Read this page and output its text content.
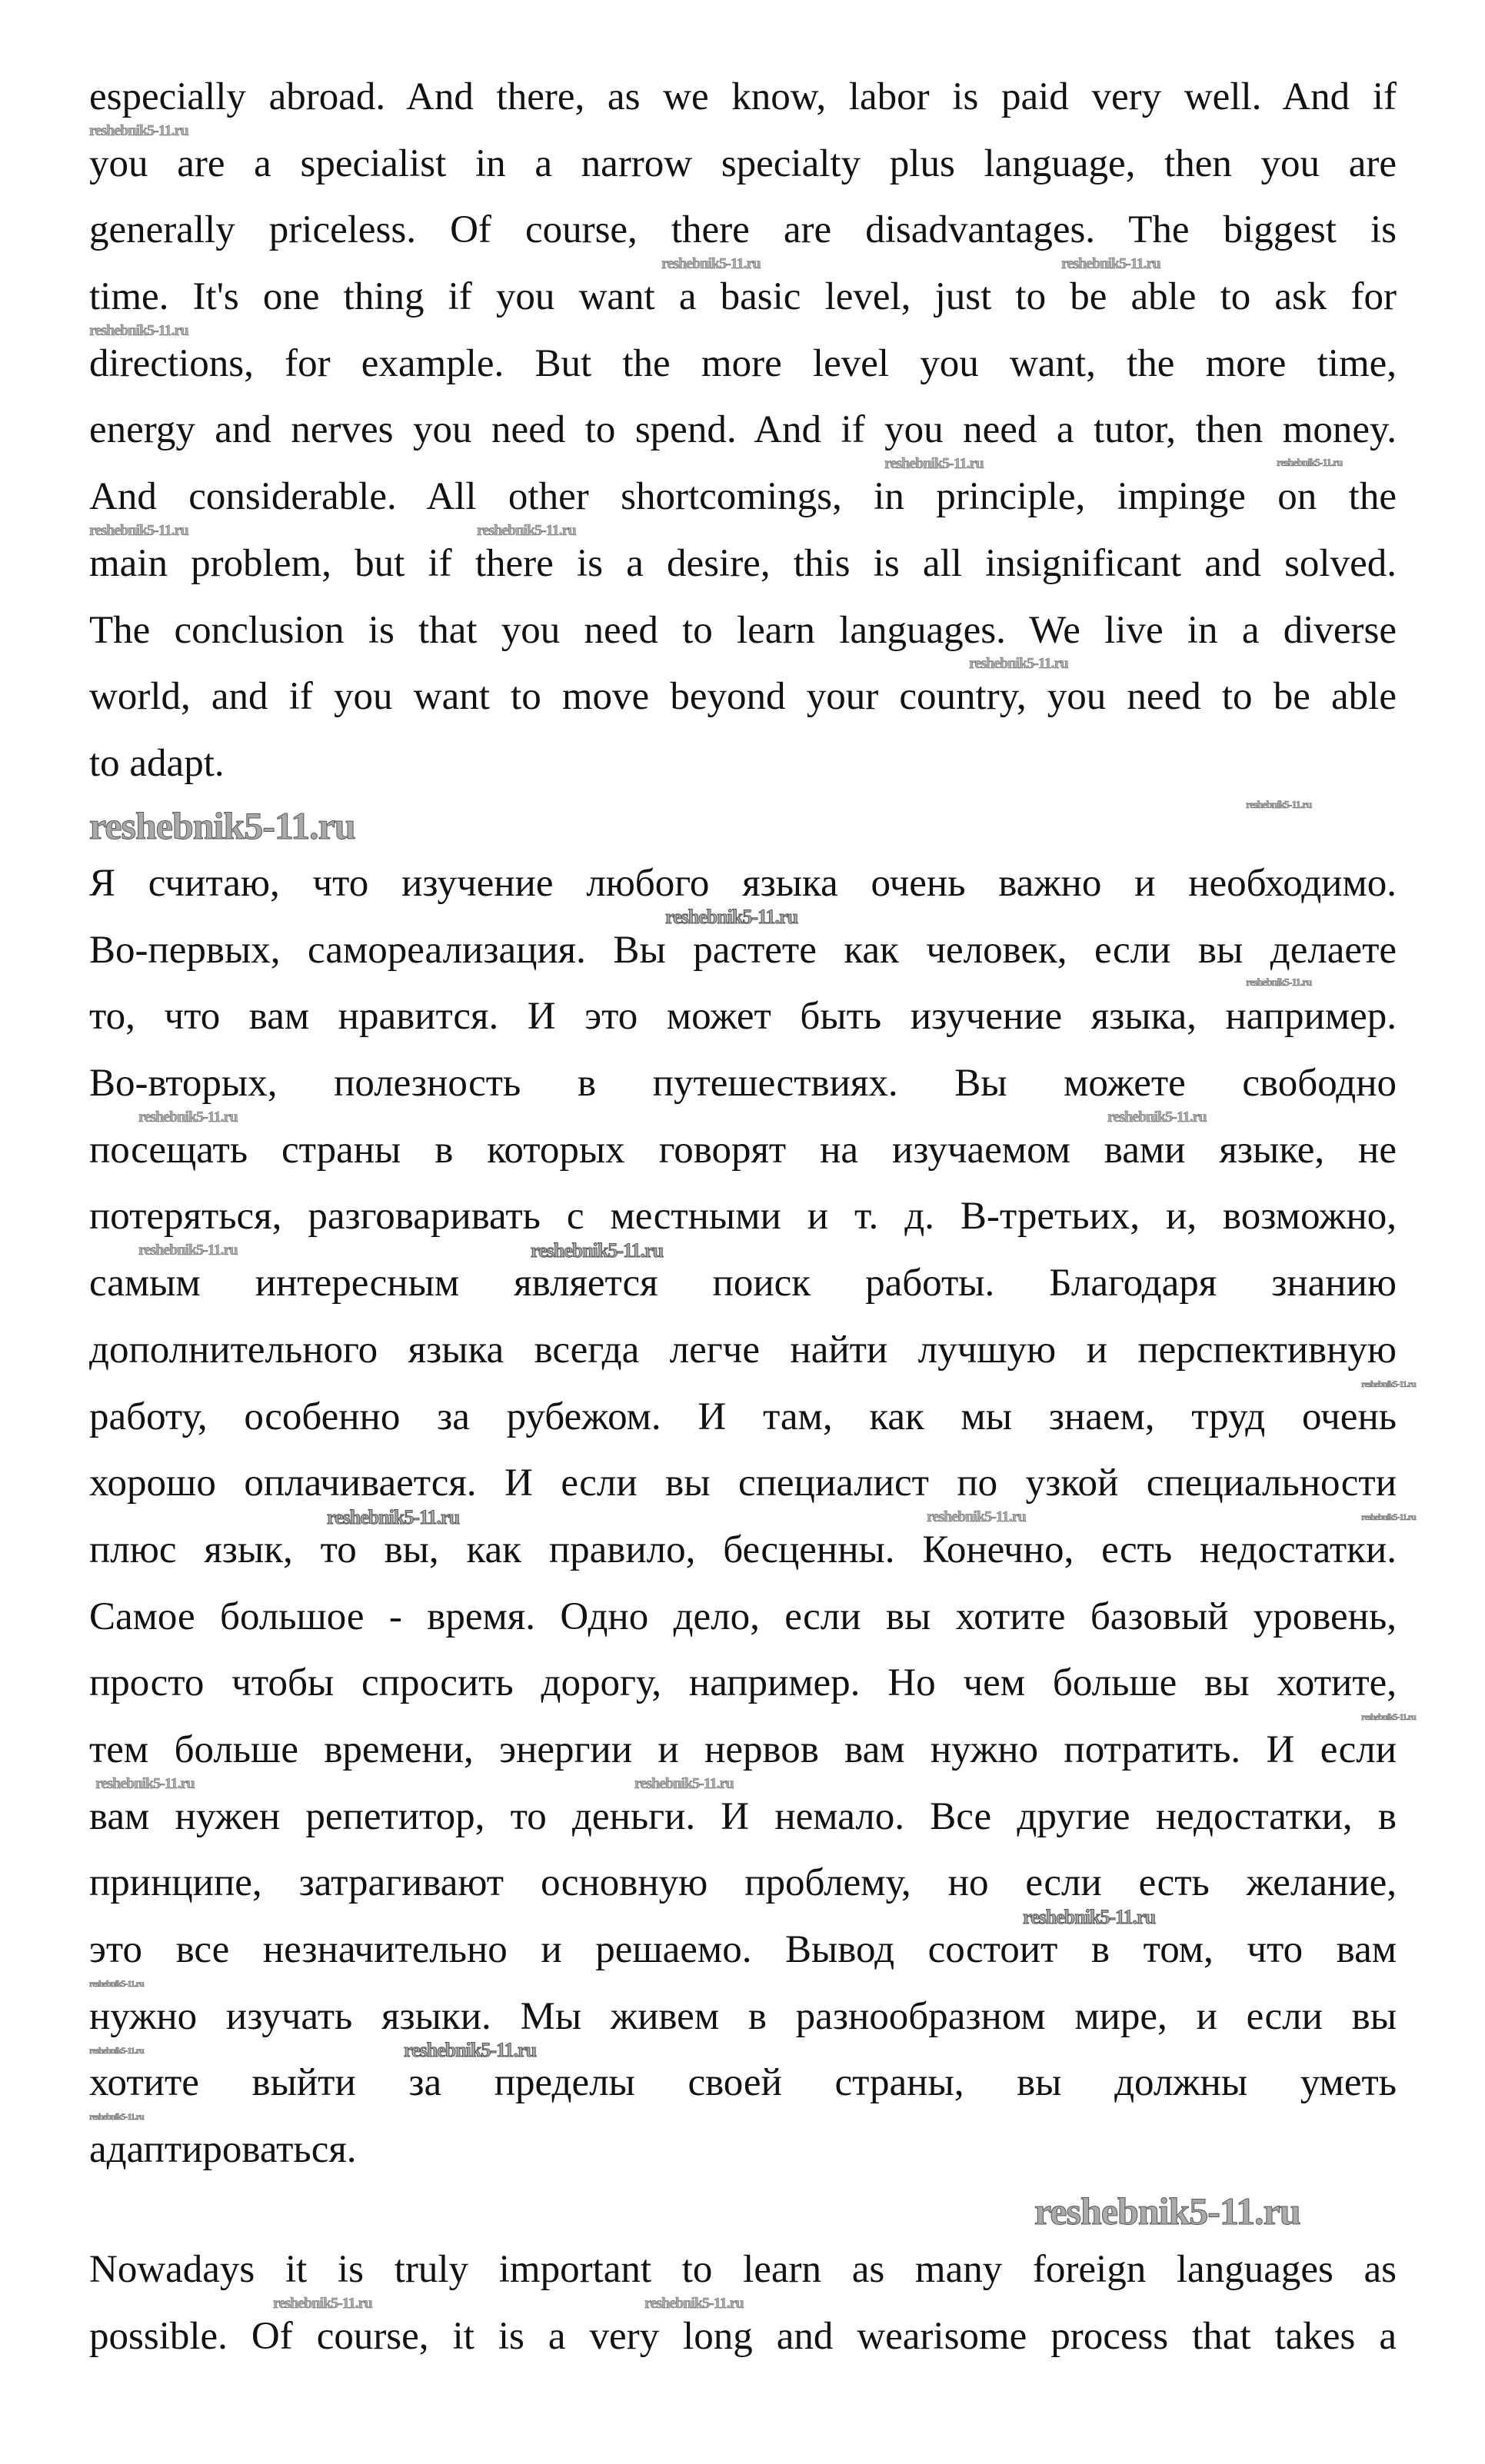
especially abroad. And there, as we know, labor is paid very well. And if
you are a specialist in a narrow specialty plus language, then you are
generally priceless. Of course, there are disadvantages. The biggest is
time. It's one thing if you want a basic level, just to be able to ask for
directions, for example. But the more level you want, the more time,
energy and nerves you need to spend. And if you need a tutor, then money.
And considerable. All other shortcomings, in principle, impinge on the
main problem, but if there is a desire, this is all insignificant and solved.
The conclusion is that you need to learn languages. We live in a diverse
world, and if you want to move beyond your country, you need to be able
to adapt.
Я считаю, что изучение любого языка очень важно и необходимо.
Во-первых, самореализация. Вы растете как человек, если вы делаете
то, что вам нравится. И это может быть изучение языка, например.
Во-вторых, полезность в путешествиях. Вы можете свободно
посещать страны в которых говорят на изучаемом вами языке, не
потеряться, разговаривать с местными и т. д. В-третьих, и, возможно,
самым интересным является поиск работы. Благодаря знанию
дополнительного языка всегда легче найти лучшую и перспективную
работу, особенно за рубежом. И там, как мы знаем, труд очень
хорошо оплачивается. И если вы специалист по узкой специальности
плюс язык, то вы, как правило, бесценны. Конечно, есть недостатки.
Самое большое - время. Одно дело, если вы хотите базовый уровень,
просто чтобы спросить дорогу, например. Но чем больше вы хотите,
тем больше времени, энергии и нервов вам нужно потратить. И если
вам нужен репетитор, то деньги. И немало. Все другие недостатки, в
принципе, затрагивают основную проблему, но если есть желание,
это все незначительно и решаемо. Вывод состоит в том, что вам
нужно изучать языки. Мы живем в разнообразном мире, и если вы
хотите выйти за пределы своей страны, вы должны уметь
адаптироваться.
Nowadays it is truly important to learn as many foreign languages as
possible. Of course, it is a very long and wearisome process that takes a
reshebnik5-11.ru
reshebnik5-11.ru	reshebnik5-11.ru
reshebnik5-11.ru
reshebnik5-11.ru	reshebnik5-11.ru
reshebnik5-11.ru	reshebnik5-11.ru
reshebnik5-11.ru
reshebnik5-11.ru	reshebnik5-11.ru
reshebnik5-11.ru
reshebnik5-11.ru
reshebnik5-11.ru	reshebnik5-11.ru
reshebnik5-11.ru	reshebnik5-11.ru
reshebnik5-11.ru
reshebnik5-11.ru
reshebnik5-11.ru	reshebnik5-11.ru
reshebnik5-11.ru
reshebnik5-11.ru	reshebnik5-11.ru
reshebnik5-11.ru
reshebnik5-11.ru
reshebnik5-11.ru	reshebnik5-11.ru
reshebnik5-11.ru
reshebnik5-11.ru
reshebnik5-11.ru	reshebnik5-11.ru
